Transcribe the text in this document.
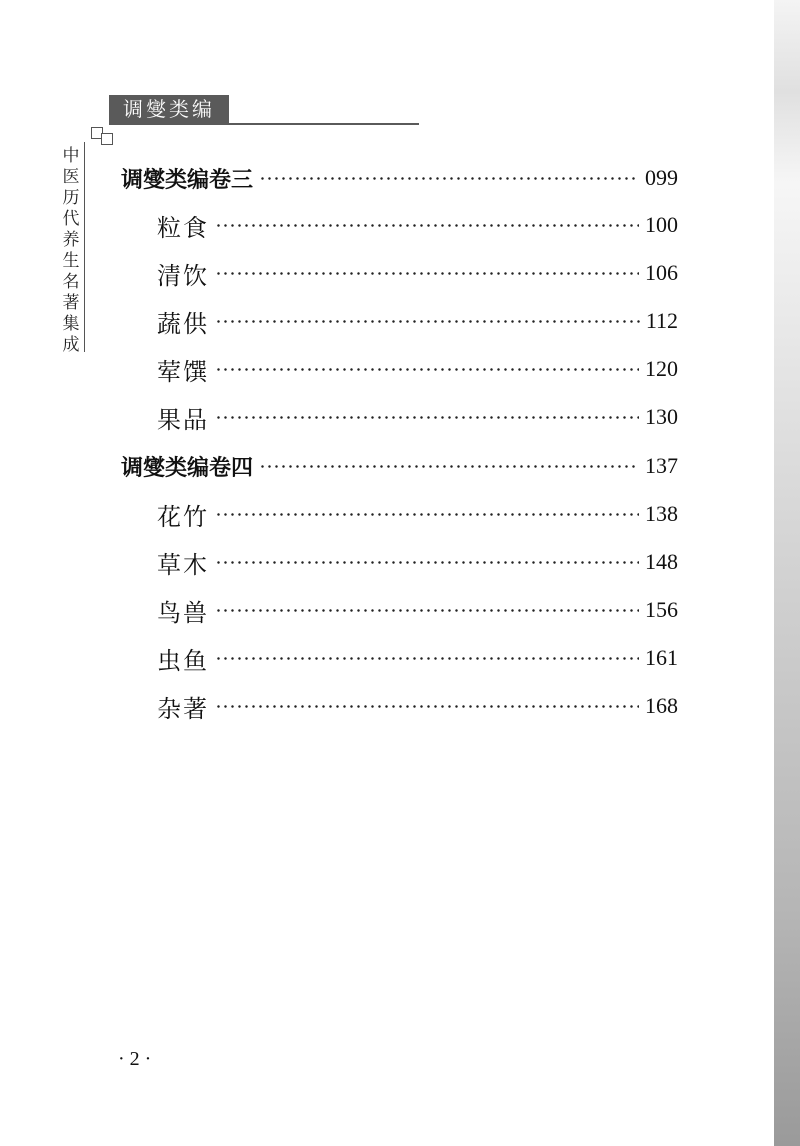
调燮类编
中
医
历
代
养
生
名
著
集
成
调燮类编卷三	099
粒食	100
清饮	106
蔬供	112
荤馔	120
果品	130
调燮类编卷四	137
花竹	138
草木	148
鸟兽	156
虫鱼	161
杂著	168
· 2 ·
